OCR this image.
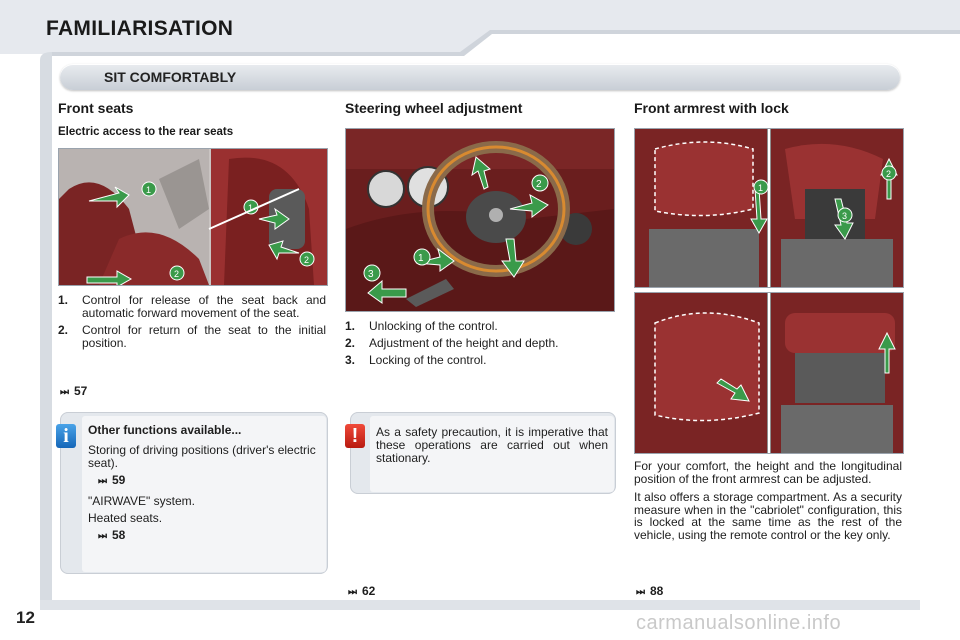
FAMILIARISATION
SIT COMFORTABLY
Front seats
Electric access to the rear seats
1
2
1
2
1. Control for release of the seat back and automatic forward movement of the seat.
2. Control for return of the seat to the initial position.
⏭ 57
i	Other functions available...
Storing of driving positions (driver's electric seat).
⏭ 59
"AIRWAVE" system.
Heated seats.
⏭ 58
Steering wheel adjustment
2
1
3
1. Unlocking of the control.
2. Adjustment of the height and depth.
3. Locking of the control.
!	As a safety precaution, it is imperative that these operations are carried out when stationary.
⏭ 62
Front armrest with lock
1
2
3
For your comfort, the height and the longitudinal position of the front armrest can be adjusted.
It also offers a storage compartment. As a security measure when in the "cabriolet" configuration, this is locked at the same time as the rest of the vehicle, using the remote control or the key only.
⏭ 88
12	carmanualsonline.info
